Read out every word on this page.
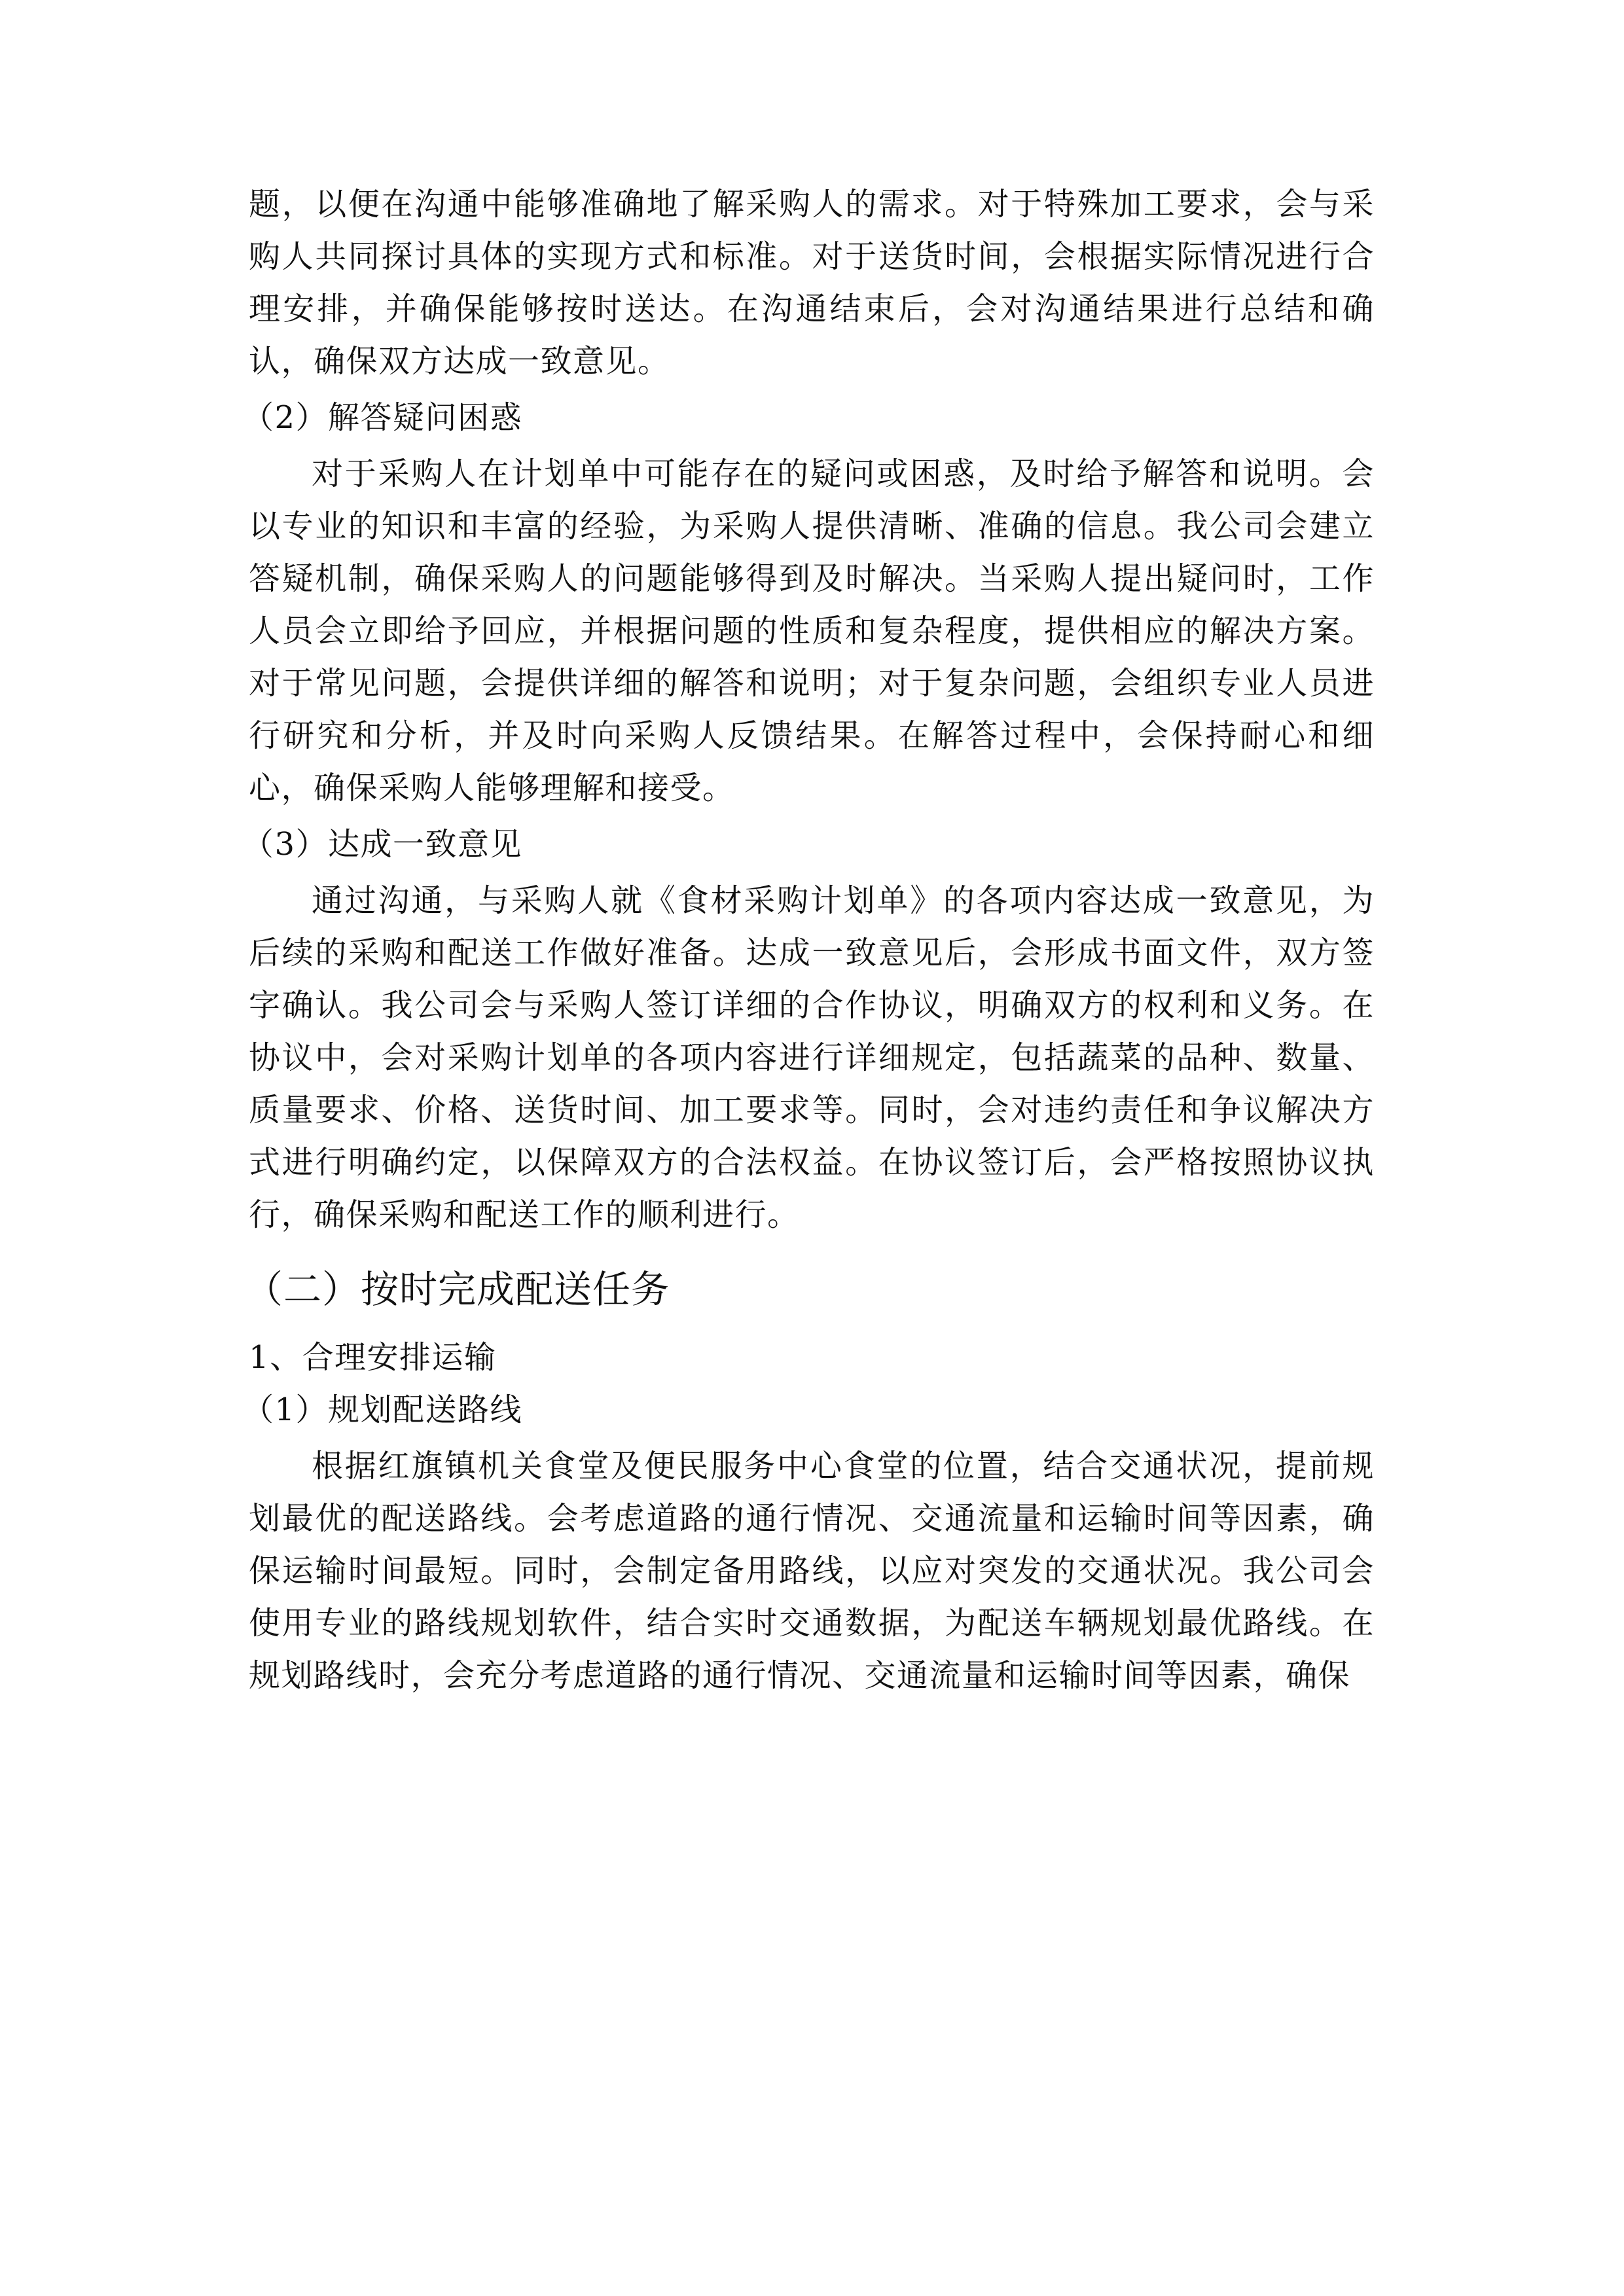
题，以便在沟通中能够准确地了解采购人的需求。对于特殊加工要求，会与采购人共同探讨具体的实现方式和标准。对于送货时间，会根据实际情况进行合理安排，并确保能够按时送达。在沟通结束后，会对沟通结果进行总结和确认，确保双方达成一致意见。

（2）解答疑问困惑

对于采购人在计划单中可能存在的疑问或困惑，及时给予解答和说明。会以专业的知识和丰富的经验，为采购人提供清晰、准确的信息。我公司会建立答疑机制，确保采购人的问题能够得到及时解决。当采购人提出疑问时，工作人员会立即给予回应，并根据问题的性质和复杂程度，提供相应的解决方案。对于常见问题，会提供详细的解答和说明；对于复杂问题，会组织专业人员进行研究和分析，并及时向采购人反馈结果。在解答过程中，会保持耐心和细心，确保采购人能够理解和接受。

（3）达成一致意见

通过沟通，与采购人就《食材采购计划单》的各项内容达成一致意见，为后续的采购和配送工作做好准备。达成一致意见后，会形成书面文件，双方签字确认。我公司会与采购人签订详细的合作协议，明确双方的权利和义务。在协议中，会对采购计划单的各项内容进行详细规定，包括蔬菜的品种、数量、质量要求、价格、送货时间、加工要求等。同时，会对违约责任和争议解决方式进行明确约定，以保障双方的合法权益。在协议签订后，会严格按照协议执行，确保采购和配送工作的顺利进行。

（二）按时完成配送任务

1、合理安排运输

（1）规划配送路线

根据红旗镇机关食堂及便民服务中心食堂的位置，结合交通状况，提前规划最优的配送路线。会考虑道路的通行情况、交通流量和运输时间等因素，确保运输时间最短。同时，会制定备用路线，以应对突发的交通状况。我公司会使用专业的路线规划软件，结合实时交通数据，为配送车辆规划最优路线。在规划路线时，会充分考虑道路的通行情况、交通流量和运输时间等因素，确保
